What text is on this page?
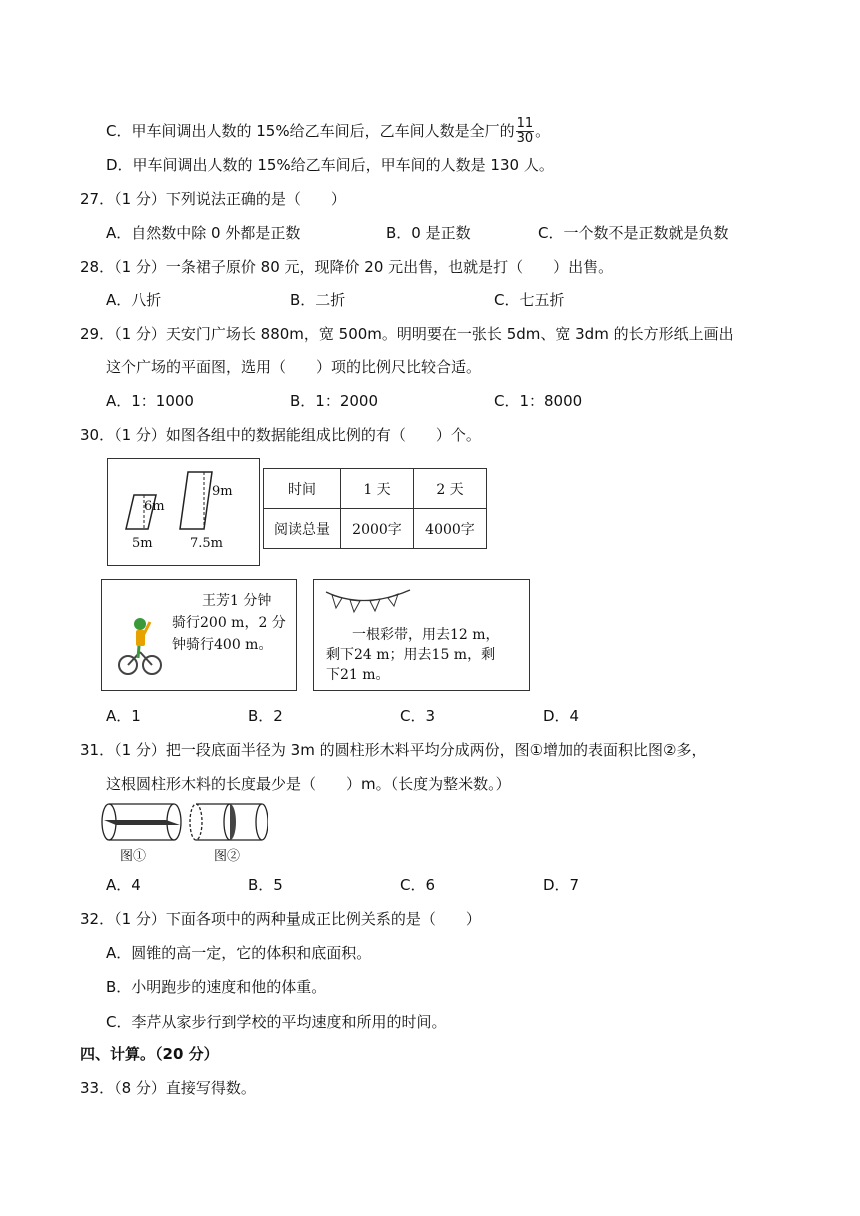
C．甲车间调出人数的 15%给乙车间后，乙车间人数是全厂的 $\frac{11}{30}$ 。
D．甲车间调出人数的 15%给乙车间后，甲车间的人数是 130 人。
27．（1 分）下列说法正确的是（　　）
A．自然数中除 0 外都是正数	B．0 是正数	C．一个数不是正数就是负数
28．（1 分）一条裙子原价 80 元，现降价 20 元出售，也就是打（　　）出售。
A．八折	B．二折	C．七五折
29．（1 分）天安门广场长 880m，宽 500m。明明要在一张长 5dm、宽 3dm 的长方形纸上画出
这个广场的平面图，选用（　　）项的比例尺比较合适。
A．1：1000	B．1：2000	C．1：8000
30．（1 分）如图各组中的数据能组成比例的有（　　）个。
6m
5m
9m
7.5m
时间	1 天	2 天
阅读总量	2000字	4000字
王芳1 分钟
骑行200 m，2 分
钟骑行400 m。
一根彩带，用去12 m，
剩下24 m；用去15 m，剩
下21 m。
A．1	B．2	C．3	D．4
31．（1 分）把一段底面半径为 3m 的圆柱形木料平均分成两份，图①增加的表面积比图②多，
这根圆柱形木料的长度最少是（　　）m。（长度为整米数。）
图①	图②
A．4	B．5	C．6	D．7
32．（1 分）下面各项中的两种量成正比例关系的是（　　）
A．圆锥的高一定，它的体积和底面积。
B．小明跑步的速度和他的体重。
C．李芹从家步行到学校的平均速度和所用的时间。
四、计算。（20 分）
33．（8 分）直接写得数。
